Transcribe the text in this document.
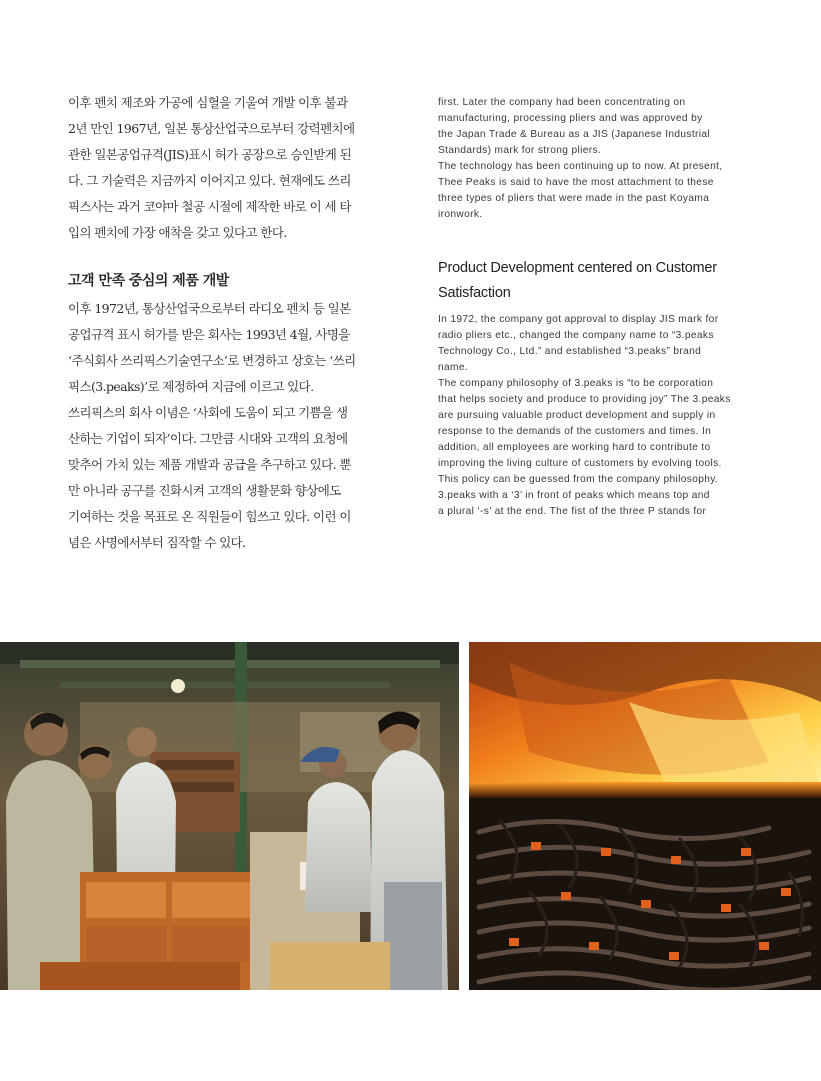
이후 펜치 제조와 가공에 심혈을 기울여 개발 이후 불과
2년 만인 1967년, 일본 통상산업국으로부터 강력펜치에
관한 일본공업규격(JIS)표시 허가 공장으로 승인받게 된
다. 그 기술력은 지금까지 이어지고 있다. 현재에도 쓰리
픽스사는 과거 코야마 철공 시절에 제작한 바로 이 세 타
입의 펜치에 가장 애착을 갖고 있다고 한다.

고객 만족 중심의 제품 개발

이후 1972년, 통상산업국으로부터 라디오 펜치 등 일본
공업규격 표시 허가를 받은 회사는 1993년 4월, 사명을
‘주식회사 쓰리픽스기술연구소’로 변경하고 상호는 ‘쓰리
픽스(3.peaks)’로 제정하여 지금에 이르고 있다.

쓰리픽스의 회사 이념은 ‘사회에 도움이 되고 기쁨을 생
산하는 기업이 되자’이다. 그만큼 시대와 고객의 요청에
맞추어 가치 있는 제품 개발과 공급을 추구하고 있다. 뿐
만 아니라 공구를 진화시켜 고객의 생활문화 향상에도
기여하는 것을 목표로 온 직원들이 힘쓰고 있다. 이런 이
념은 사명에서부터 짐작할 수 있다.

first. Later the company had been concentrating on
manufacturing, processing pliers and was approved by
the Japan Trade & Bureau as a JIS (Japanese Industrial
Standards) mark for strong pliers.
The technology has been continuing up to now. At present,
Thee Peaks is said to have the most attachment to these
three types of pliers that were made in the past Koyama
ironwork.

Product Development centered on Customer
Satisfaction

In 1972, the company got approval to display JIS mark for
radio pliers etc., changed the company name to “3.peaks
Technology Co., Ltd.” and established “3.peaks” brand
name.
The company philosophy of 3.peaks is “to be corporation
that helps society and produce to providing joy” The 3.peaks
are pursuing valuable product development and supply in
response to the demands of the customers and times. In
addition, all employees are working hard to contribute to
improving the living culture of customers by evolving tools.
This policy can be guessed from the company philosophy.
3.peaks with a ‘3’ in front of peaks which means top and
a plural ‘-s’ at the end. The fist of the three P stands for
